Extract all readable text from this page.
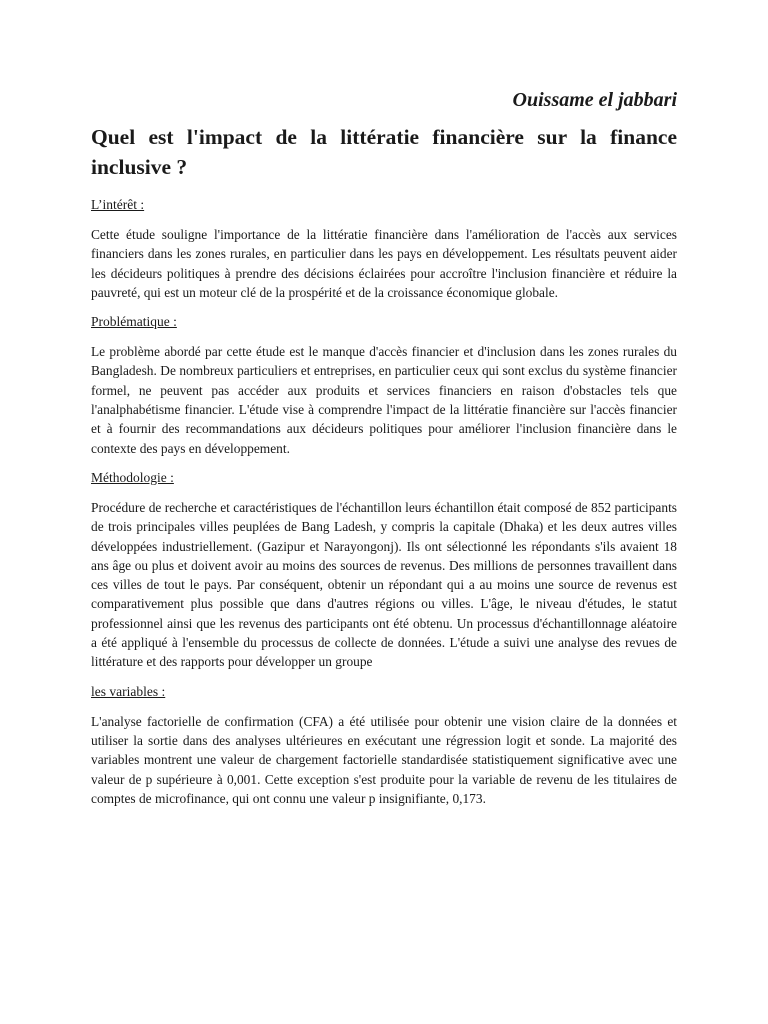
Ouissame el jabbari
Quel est l'impact de la littératie financière sur la finance inclusive ?
L’intérêt :
Cette étude souligne l'importance de la littératie financière dans l'amélioration de l'accès aux services financiers dans les zones rurales, en particulier dans les pays en développement. Les résultats peuvent aider les décideurs politiques à prendre des décisions éclairées pour accroître l'inclusion financière et réduire la pauvreté, qui est un moteur clé de la prospérité et de la croissance économique globale.
Problématique :
Le problème abordé par cette étude est le manque d'accès financier et d'inclusion dans les zones rurales du Bangladesh. De nombreux particuliers et entreprises, en particulier ceux qui sont exclus du système financier formel, ne peuvent pas accéder aux produits et services financiers en raison d'obstacles tels que l'analphabétisme financier. L'étude vise à comprendre l'impact de la littératie financière sur l'accès financier et à fournir des recommandations aux décideurs politiques pour améliorer l'inclusion financière dans le contexte des pays en développement.
Méthodologie :
Procédure de recherche et caractéristiques de l'échantillon leurs échantillon était composé de 852 participants de trois principales villes peuplées de Bang Ladesh, y compris la capitale (Dhaka) et les deux autres villes développées industriellement. (Gazipur et Narayongonj). Ils ont sélectionné les répondants s'ils avaient 18 ans âge ou plus et doivent avoir au moins des sources de revenus. Des millions de personnes travaillent dans ces villes de tout le pays. Par conséquent, obtenir un répondant qui a au moins une source de revenus est comparativement plus possible que dans d'autres régions ou villes. L'âge, le niveau d'études, le statut professionnel ainsi que les revenus des participants ont été obtenu. Un processus d'échantillonnage aléatoire a été appliqué à l'ensemble du processus de collecte de données. L'étude a suivi une analyse des revues de littérature et des rapports pour développer un groupe
les variables :
L'analyse factorielle de confirmation (CFA) a été utilisée pour obtenir une vision claire de la données et utiliser la sortie dans des analyses ultérieures en exécutant une régression logit et sonde. La majorité des variables montrent une valeur de chargement factorielle standardisée statistiquement significative avec une valeur de p supérieure à 0,001. Cette exception s'est produite pour la variable de revenu de les titulaires de comptes de microfinance, qui ont connu une valeur p insignifiante, 0,173.
